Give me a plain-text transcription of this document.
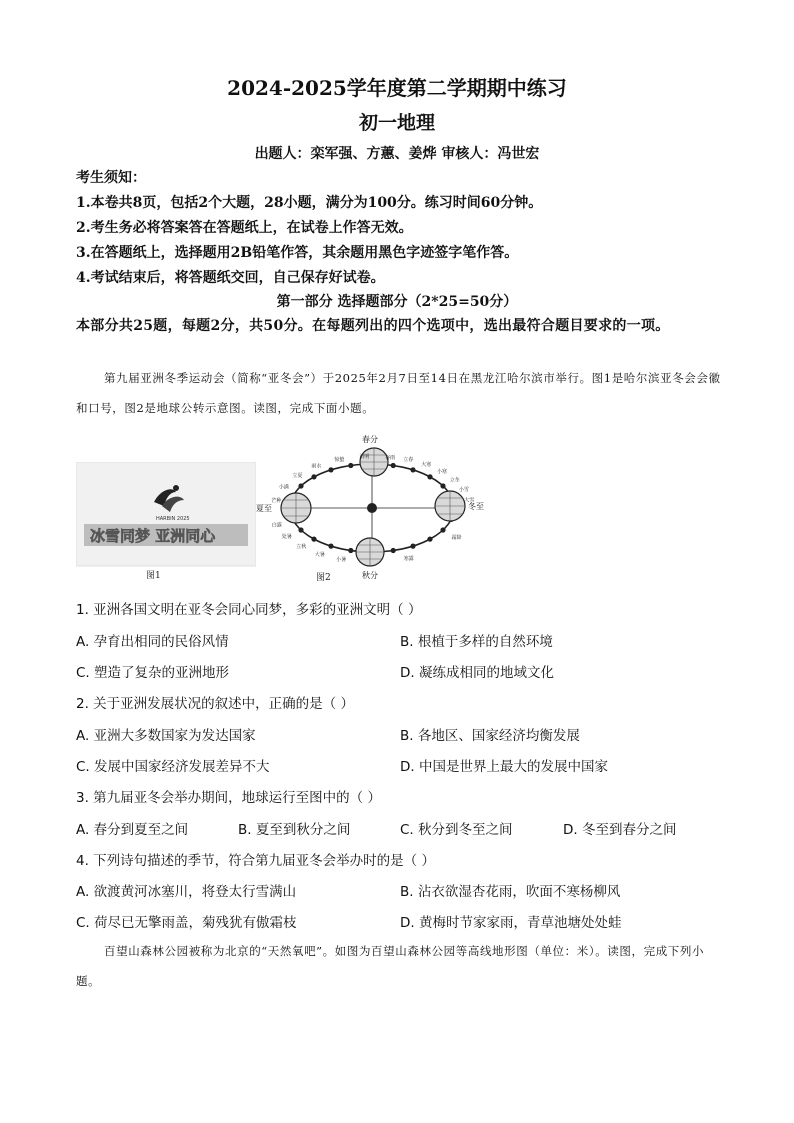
2024-2025学年度第二学期期中练习
初一地理
出题人：栾军强、方蕙、姜烨 审核人：冯世宏
考生须知：
1.本卷共8页，包括2个大题，28小题，满分为100分。练习时间60分钟。
2.考生务必将答案答在答题纸上，在试卷上作答无效。
3.在答题纸上，选择题用2B铅笔作答，其余题用黑色字迹签字笔作答。
4.考试结束后，将答题纸交回，自己保存好试卷。
第一部分 选择题部分（2*25=50分）
本部分共25题，每题2分，共50分。在每题列出的四个选项中，选出最符合题目要求的一项。
第九届亚洲冬季运动会（简称“亚冬会”）于2025年2月7日至14日在黑龙江哈尔滨市举行。图1是哈尔滨亚冬会会徽和口号，图2是地球公转示意图。读图，完成下面小题。
HARBIN 2025
冰雪同梦 亚洲同心
图1
春分
夏至	冬至
秋分
谷雨
清明
惊蛰
雨水
立夏
小满
芒种
立春
大寒
小寒
立冬
小雪
大雪
小暑
大暑
立秋
处暑
白露
寒露
霜降
图2
1. 亚洲各国文明在亚冬会同心同梦，多彩的亚洲文明（ ）
A. 孕育出相同的民俗风情	B. 根植于多样的自然环境
C. 塑造了复杂的亚洲地形	D. 凝练成相同的地域文化
2. 关于亚洲发展状况的叙述中，正确的是（ ）
A. 亚洲大多数国家为发达国家	B. 各地区、国家经济均衡发展
C. 发展中国家经济发展差异不大	D. 中国是世界上最大的发展中国家
3. 第九届亚冬会举办期间，地球运行至图中的（ ）
A. 春分到夏至之间	B. 夏至到秋分之间	C. 秋分到冬至之间	D. 冬至到春分之间
4. 下列诗句描述的季节，符合第九届亚冬会举办时的是（ ）
A. 欲渡黄河冰塞川，将登太行雪满山	B. 沾衣欲湿杏花雨，吹面不寒杨柳风
C. 荷尽已无擎雨盖，菊残犹有傲霜枝	D. 黄梅时节家家雨，青草池塘处处蛙
百望山森林公园被称为北京的“天然氧吧”。如图为百望山森林公园等高线地形图（单位：米）。读图，完成下列小题。
